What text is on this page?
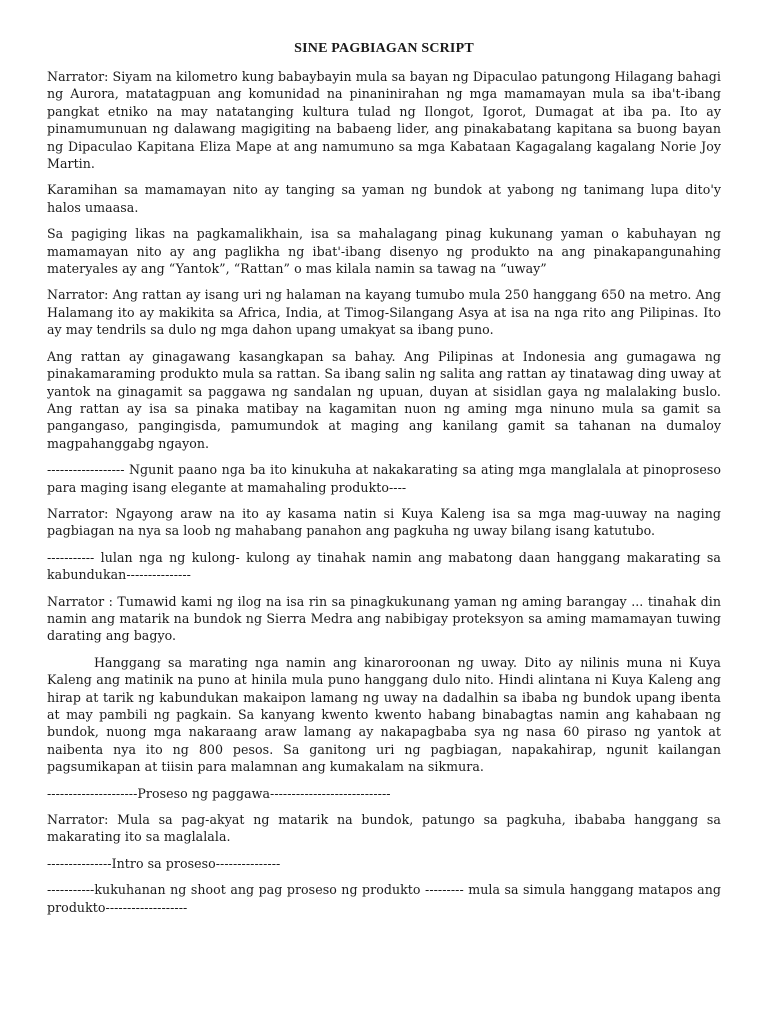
SINE PAGBIAGAN SCRIPT

Narrator: Siyam na kilometro kung babaybayin mula sa bayan ng Dipaculao patungong Hilagang bahagi ng Aurora, matatagpuan ang komunidad na pinaninirahan ng mga mamamayan mula sa iba't-ibang pangkat etniko na may natatanging kultura tulad ng Ilongot, Igorot, Dumagat at iba pa. Ito ay pinamumunuan ng dalawang magigiting na babaeng lider, ang pinakabatang kapitana sa buong bayan ng Dipaculao Kapitana Eliza Mape at ang namumuno sa mga Kabataan Kagagalang kagalang Norie Joy Martin.

Karamihan sa mamamayan nito ay tanging sa yaman ng bundok at yabong ng tanimang lupa dito'y halos umaasa.

Sa pagiging likas na pagkamalikhain, isa sa mahalagang pinag kukunang yaman o kabuhayan ng mamamayan nito ay ang paglikha ng ibat'-ibang disenyo ng produkto na ang pinakapangunahing materyales ay ang “Yantok”, “Rattan” o mas kilala namin sa tawag na “uway”

Narrator: Ang rattan ay isang uri ng halaman na kayang tumubo mula 250 hanggang 650 na metro. Ang Halamang ito ay makikita sa Africa, India, at Timog-Silangang Asya at isa na nga rito ang Pilipinas. Ito ay may tendrils sa dulo ng mga dahon upang umakyat sa ibang puno.

Ang rattan ay ginagawang kasangkapan sa bahay. Ang Pilipinas at Indonesia ang gumagawa ng pinakamaraming produkto mula sa rattan. Sa ibang salin ng salita ang rattan ay tinatawag ding uway at yantok na ginagamit sa paggawa ng sandalan ng upuan, duyan at sisidlan gaya ng malalaking buslo. Ang rattan ay isa sa pinaka matibay na kagamitan nuon ng aming mga ninuno mula sa gamit sa pangangaso, pangingisda, pamumundok at maging ang kanilang gamit sa tahanan na dumaloy magpahanggabg ngayon.

------------------ Ngunit paano nga ba ito kinukuha at nakakarating sa ating mga manglalala at pinoproseso para maging isang elegante at mamahaling produkto----

Narrator: Ngayong araw na ito ay kasama natin si Kuya Kaleng isa sa mga mag-uuway na naging pagbiagan na nya sa loob ng mahabang panahon ang pagkuha ng uway bilang isang katutubo.

----------- lulan nga ng kulong- kulong ay tinahak namin ang mabatong daan hanggang makarating sa kabundukan---------------

Narrator : Tumawid kami ng ilog na isa rin sa pinagkukunang yaman ng aming barangay ... tinahak din namin ang matarik na bundok ng Sierra Medra ang nabibigay proteksyon sa aming mamamayan tuwing darating ang bagyo.

Hanggang sa marating nga namin ang kinaroroonan ng uway. Dito ay nilinis muna ni Kuya Kaleng ang matinik na puno at hinila mula puno hanggang dulo nito. Hindi alintana ni Kuya Kaleng ang hirap at tarik ng kabundukan makaipon lamang ng uway na dadalhin sa ibaba ng bundok upang ibenta at may pambili ng pagkain. Sa kanyang kwento kwento habang binabagtas namin ang kahabaan ng bundok, nuong mga nakaraang araw lamang ay nakapagbaba sya ng nasa 60 piraso ng yantok at naibenta nya ito ng 800 pesos. Sa ganitong uri ng pagbiagan, napakahirap, ngunit kailangan pagsumikapan at tiisin para malamnan ang kumakalam na sikmura.

---------------------Proseso ng paggawa----------------------------

Narrator: Mula sa pag-akyat ng matarik na bundok, patungo sa pagkuha, ibababa hanggang sa makarating ito sa maglalala.

---------------Intro sa proseso---------------

-----------kukuhanan ng shoot ang pag proseso ng produkto --------- mula sa simula hanggang matapos ang produkto-------------------
